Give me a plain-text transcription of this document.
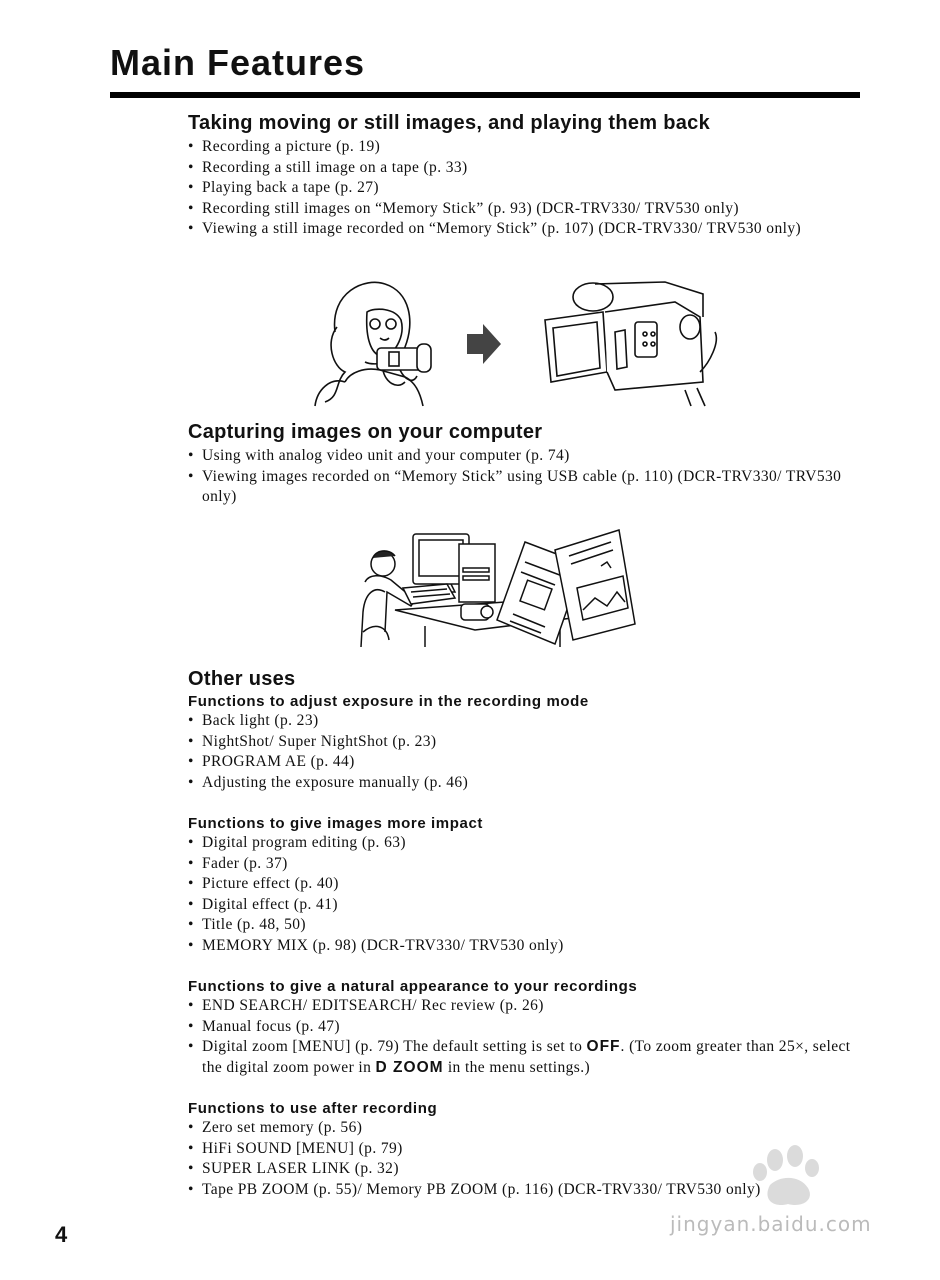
Main Features
Taking moving or still images, and playing them back
• Recording a picture (p. 19)
• Recording a still image on a tape (p. 33)
• Playing back a tape (p. 27)
• Recording still images on “Memory Stick” (p. 93) (DCR-TRV330/ TRV530 only)
• Viewing a still image recorded on “Memory Stick” (p. 107) (DCR-TRV330/ TRV530 only)
Capturing images on your computer
• Using with analog video unit and your computer (p. 74)
• Viewing images recorded on “Memory Stick” using USB cable (p. 110) (DCR-TRV330/ TRV530 only)
Other uses
Functions to adjust exposure in the recording mode
• Back light (p. 23)
• NightShot/ Super NightShot (p. 23)
• PROGRAM AE (p. 44)
• Adjusting the exposure manually (p. 46)
Functions to give images more impact
• Digital program editing (p. 63)
• Fader (p. 37)
• Picture effect (p. 40)
• Digital effect (p. 41)
• Title (p. 48, 50)
• MEMORY MIX (p. 98) (DCR-TRV330/ TRV530 only)
Functions to give a natural appearance to your recordings
• END SEARCH/ EDITSEARCH/ Rec review (p. 26)
• Manual focus (p. 47)
• Digital zoom [MENU] (p. 79) The default setting is set to OFF. (To zoom greater than 25×, select the digital zoom power in D ZOOM in the menu settings.)
Functions to use after recording
• Zero set memory (p. 56)
• HiFi SOUND [MENU] (p. 79)
• SUPER LASER LINK (p. 32)
• Tape PB ZOOM (p. 55)/ Memory PB ZOOM (p. 116) (DCR-TRV330/ TRV530 only)
jingyan.baidu.com
4
